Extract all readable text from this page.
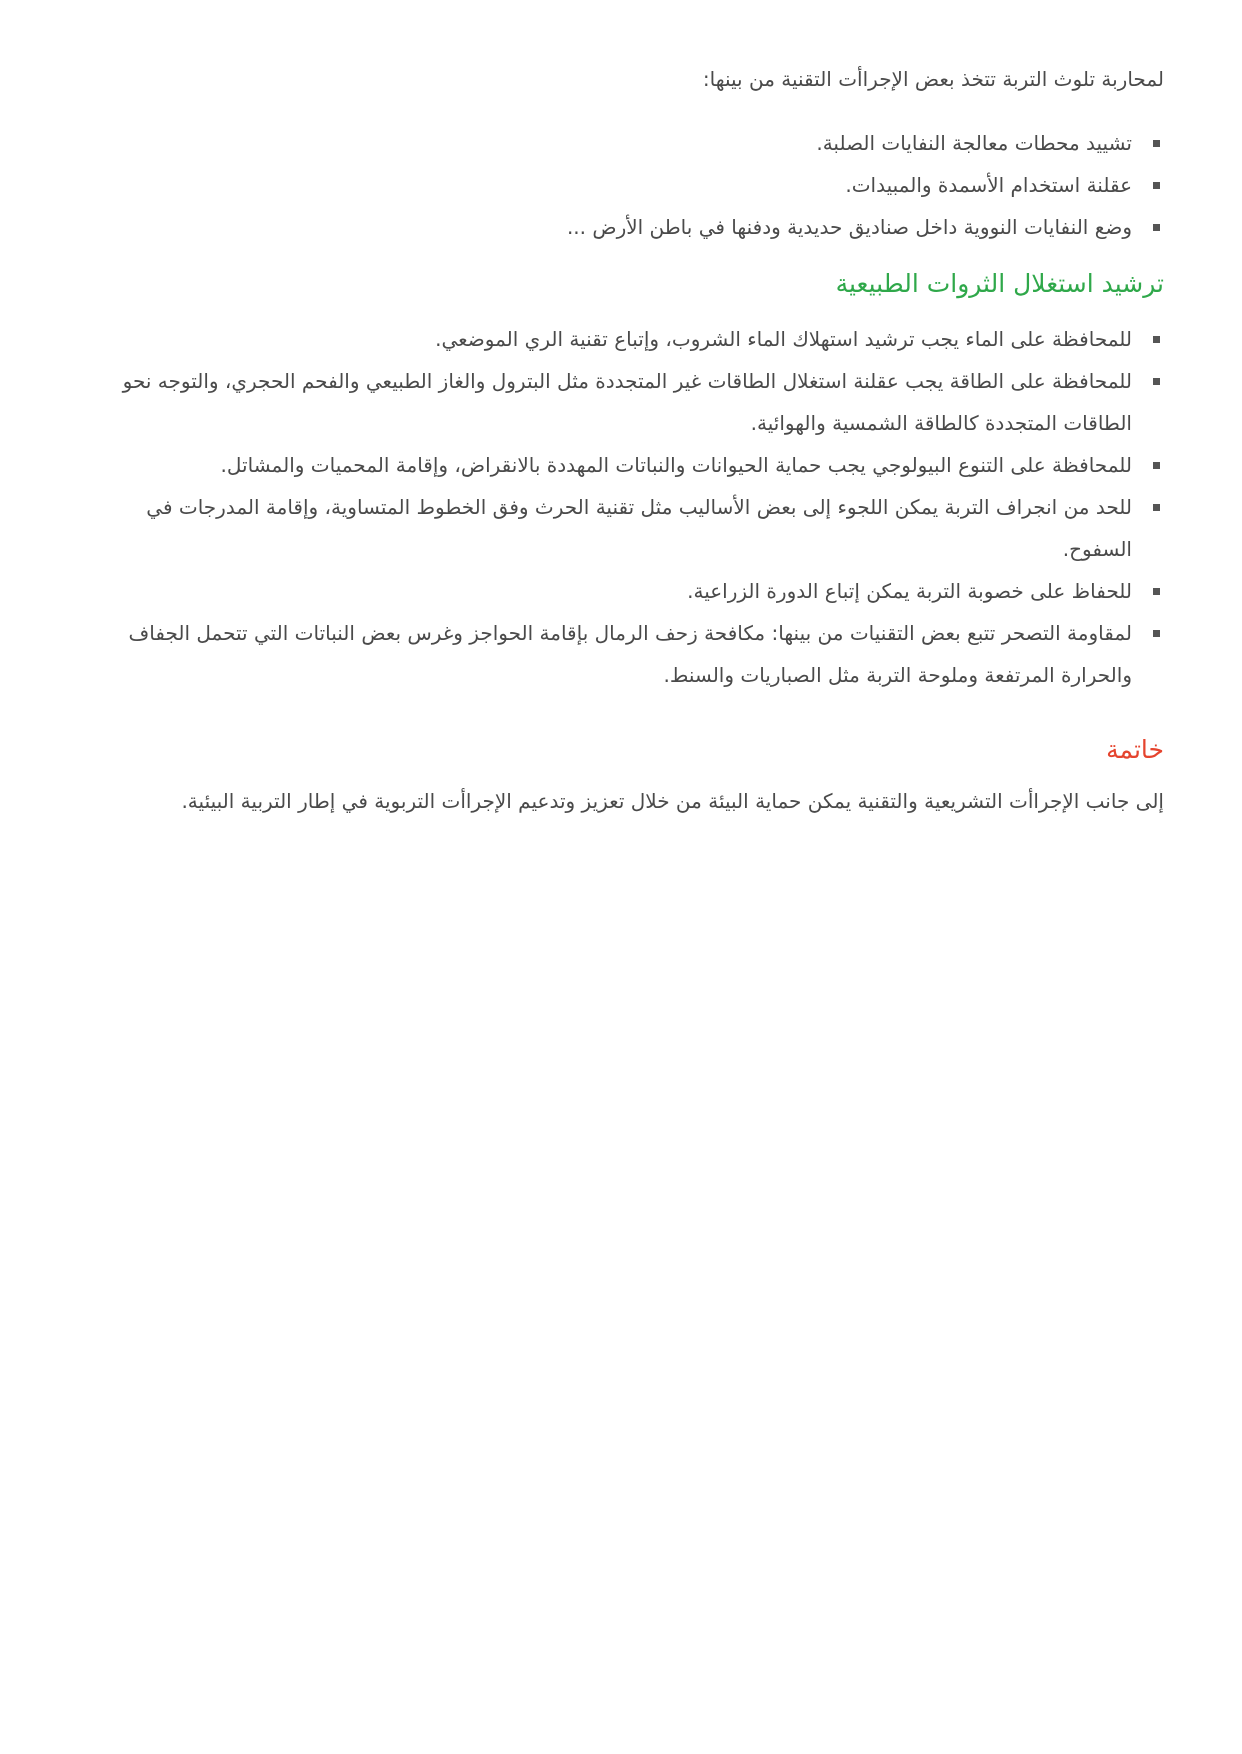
لمحاربة تلوث التربة تتخذ بعض الإجراأت التقنية من بينها:

تشييد محطات معالجة النفايات الصلبة.
عقلنة استخدام الأسمدة والمبيدات.
وضع النفايات النووية داخل صناديق حديدية ودفنها في باطن الأرض ...
ترشيد استغلال الثروات الطبيعية
للمحافظة على الماء يجب ترشيد استهلاك الماء الشروب، وإتباع تقنية الري الموضعي.
للمحافظة على الطاقة يجب عقلنة استغلال الطاقات غير المتجددة مثل البترول والغاز الطبيعي والفحم الحجري، والتوجه نحو الطاقات المتجددة كالطاقة الشمسية والهوائية.
للمحافظة على التنوع البيولوجي يجب حماية الحيوانات والنباتات المهددة بالانقراض، وإقامة المحميات والمشاتل.
للحد من انجراف التربة يمكن اللجوء إلى بعض الأساليب مثل تقنية الحرث وفق الخطوط المتساوية، وإقامة المدرجات في السفوح.
للحفاظ على خصوبة التربة يمكن إتباع الدورة الزراعية.
لمقاومة التصحر تتبع بعض التقنيات من بينها: مكافحة زحف الرمال بإقامة الحواجز وغرس بعض النباتات التي تتحمل الجفاف والحرارة المرتفعة وملوحة التربة مثل الصباريات والسنط.
خاتمة

إلى جانب الإجراأت التشريعية والتقنية يمكن حماية البيئة من خلال تعزيز وتدعيم الإجراأت التربوية في إطار التربية البيئية.
